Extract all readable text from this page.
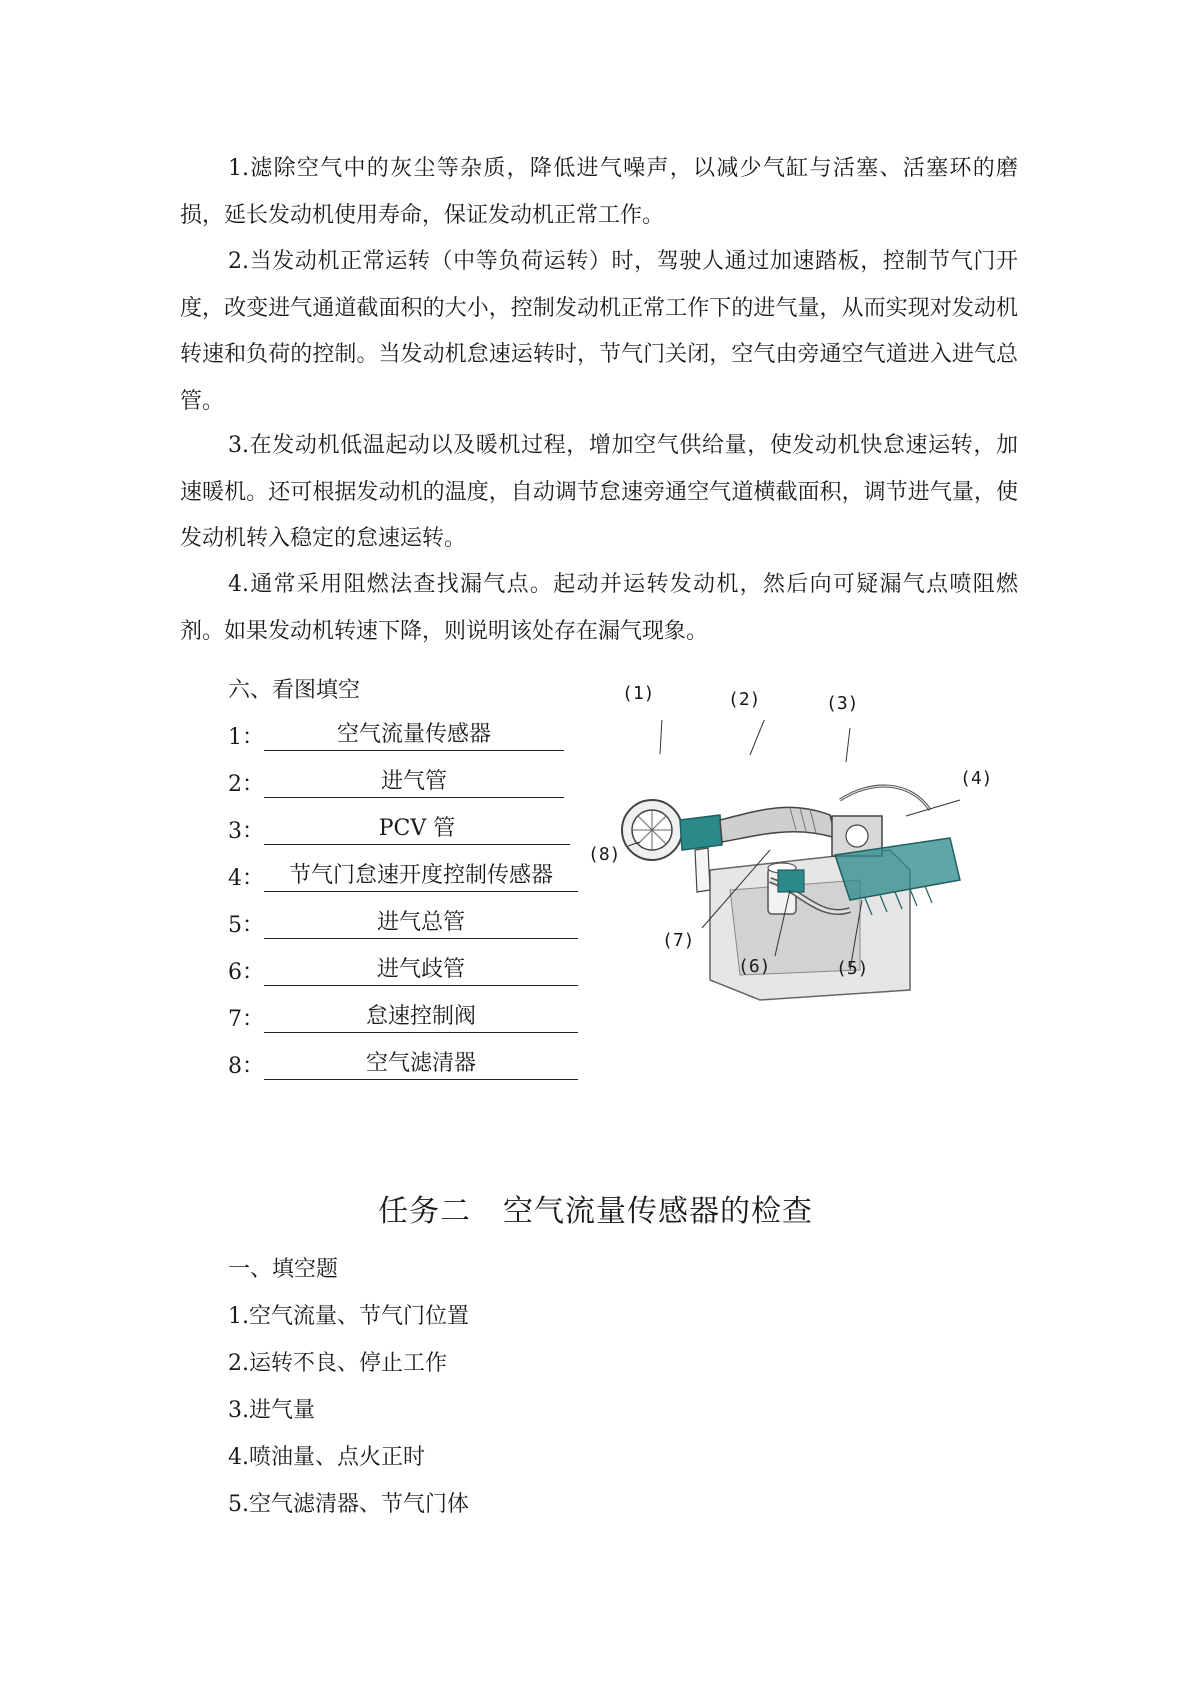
1.滤除空气中的灰尘等杂质，降低进气噪声，以减少气缸与活塞、活塞环的磨损，延长发动机使用寿命，保证发动机正常工作。

2.当发动机正常运转（中等负荷运转）时，驾驶人通过加速踏板，控制节气门开度，改变进气通道截面积的大小，控制发动机正常工作下的进气量，从而实现对发动机转速和负荷的控制。当发动机怠速运转时，节气门关闭，空气由旁通空气道进入进气总管。

3.在发动机低温起动以及暖机过程，增加空气供给量，使发动机快怠速运转，加速暖机。还可根据发动机的温度，自动调节怠速旁通空气道横截面积，调节进气量，使发动机转入稳定的怠速运转。

4.通常采用阻燃法查找漏气点。起动并运转发动机，然后向可疑漏气点喷阻燃剂。如果发动机转速下降，则说明该处存在漏气现象。

六、看图填空

1：	空气流量传感器
2：	进气管
3：	PCV 管
4：	节气门怠速开度控制传感器
5：	进气总管
6：	进气歧管
7：	怠速控制阀
8：	空气滤清器
(1)	(2)	(3)
(4)
(8)
(7)
(6)	(5)
任务二 空气流量传感器的检查

一、填空题

1.空气流量、节气门位置

2.运转不良、停止工作

3.进气量

4.喷油量、点火正时

5.空气滤清器、节气门体
